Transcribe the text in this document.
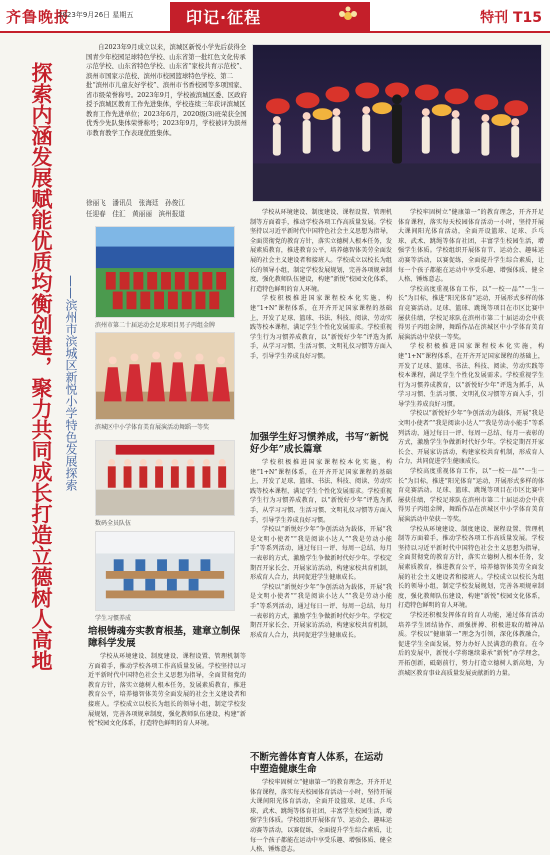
齐鲁晚报
2023年9月26日 星期五	印记·征程	特刊 T15
探索内涵发展赋能优质均衡创建，聚力共同成长打造立德树人高地 ——滨州市滨城区新悦小学特色发展探索
自2023年9月成立以来，滨城区新悦小学先后获得全国青少年校园足球特色学校、山东省第一批红色文化传承示范学校、山东省特色学校、山东省“家校共育示范校”、滨州市国家示范校、滨州市校园篮球特色学校、第二批“滨州市儿童友好学校”、滨州市书香校园等多项国家、省市级荣誉称号。2023年9月，学校被滨城区委、区政府授予滨城区教育工作先进集体，学校连续三年获评滨城区教育工作先进单位；2023年6月，2020级(3)班荣获全国优秀少先队集体荣誉称号；2023年9月，学校被评为滨州市教育教学工作表现优胜集体。
徐丽飞　潘讯员　张海廷　孙俊江
任迎春　佳汇　黄丽丽　滨州报道
滨州市第二十届运动会足球项目男子丙组金牌
滨城区中小学体育美育展演活动舞蹈一等奖
数码全员队伍
学生习惯养成
培根铸魂夯实教育根基，建章立制保障科学发展

学校从环境建设、制度建设、课程设置、管理机制等方面着手，推动学校各项工作高质量发展。学校坚持以习近平新时代中国特色社会主义思想为指导，全面贯彻党的教育方针，落实立德树人根本任务，发展素质教育，推进教育公平，培养德智体美劳全面发展的社会主义建设者和接班人。学校成立以校长为组长的领导小组，制定学校发展规划，完善各项规章制度，强化教师队伍建设，构建“新悦”校园文化体系，打造特色鲜明的育人环境。

学校从环境建设、制度建设、课程设置、管理机制等方面着手，推动学校各项工作高质量发展。学校坚持以习近平新时代中国特色社会主义思想为指导，全面贯彻党的教育方针，落实立德树人根本任务，发展素质教育，推进教育公平，培养德智体美劳全面发展的社会主义建设者和接班人。学校成立以校长为组长的领导小组，制定学校发展规划，完善各项规章制度，强化教师队伍建设，构建“新悦”校园文化体系，打造特色鲜明的育人环境。

学校积极推进国家课程校本化实施，构建“1+N”课程体系，在开齐开足国家课程的基础上，开发了足球、篮球、书法、科技、阅读、劳动实践等校本课程，满足学生个性化发展需求。学校重视学生行为习惯养成教育，以“新悦好少年”评选为抓手，从学习习惯、生活习惯、文明礼仪习惯等方面入手，引导学生养成良好习惯。

加强学生好习惯养成，书写“新悦好少年”成长篇章

学校积极推进国家课程校本化实施，构建“1+N”课程体系，在开齐开足国家课程的基础上，开发了足球、篮球、书法、科技、阅读、劳动实践等校本课程，满足学生个性化发展需求。学校重视学生行为习惯养成教育，以“新悦好少年”评选为抓手，从学习习惯、生活习惯、文明礼仪习惯等方面入手，引导学生养成良好习惯。

学校以“新悦好少年”争创活动为载体，开展“我是文明小使者”“我是阅读小达人”“我是劳动小能手”等系列活动，通过每日一评、每周一总结、每月一表彰的方式，激励学生争做新时代好少年。学校定期召开家长会、开展家访活动，构建家校共育机制，形成育人合力，共同促进学生健康成长。

学校以“新悦好少年”争创活动为载体，开展“我是文明小使者”“我是阅读小达人”“我是劳动小能手”等系列活动，通过每日一评、每周一总结、每月一表彰的方式，激励学生争做新时代好少年。学校定期召开家长会、开展家访活动，构建家校共育机制，形成育人合力，共同促进学生健康成长。

不断完善体育育人体系，在运动中塑造健康生命

学校牢固树立“健康第一”的教育理念，开齐开足体育课程，落实每天校园体育活动一小时，坚持开展大课间阳光体育活动，全面开设篮球、足球、乒乓球、武术、跳绳等体育社团，丰富学生校园生活，增强学生体质。学校组织开展体育节、运动会、趣味运动赛等活动，以赛促练，全面提升学生综合素质，让每一个孩子都能在运动中享受乐趣、增强体质、健全人格、锤炼意志。

学校牢固树立“健康第一”的教育理念，开齐开足体育课程，落实每天校园体育活动一小时，坚持开展大课间阳光体育活动，全面开设篮球、足球、乒乓球、武术、跳绳等体育社团，丰富学生校园生活，增强学生体质。学校组织开展体育节、运动会、趣味运动赛等活动，以赛促练，全面提升学生综合素质，让每一个孩子都能在运动中享受乐趣、增强体质、健全人格、锤炼意志。

学校高度重视体育工作，以“一校一品”“一生一长”为目标，推进“阳光体育”运动，开展形式多样的体育竞赛活动。足球、篮球、跳绳等项目在市区比赛中屡获佳绩，学校足球队在滨州市第二十届运动会中获得男子丙组金牌，舞蹈作品在滨城区中小学体育美育展演活动中荣获一等奖。

学校积极推进国家课程校本化实施，构建“1+N”课程体系，在开齐开足国家课程的基础上，开发了足球、篮球、书法、科技、阅读、劳动实践等校本课程，满足学生个性化发展需求。学校重视学生行为习惯养成教育，以“新悦好少年”评选为抓手，从学习习惯、生活习惯、文明礼仪习惯等方面入手，引导学生养成良好习惯。

学校以“新悦好少年”争创活动为载体，开展“我是文明小使者”“我是阅读小达人”“我是劳动小能手”等系列活动，通过每日一评、每周一总结、每月一表彰的方式，激励学生争做新时代好少年。学校定期召开家长会、开展家访活动，构建家校共育机制，形成育人合力，共同促进学生健康成长。

学校高度重视体育工作，以“一校一品”“一生一长”为目标，推进“阳光体育”运动，开展形式多样的体育竞赛活动。足球、篮球、跳绳等项目在市区比赛中屡获佳绩，学校足球队在滨州市第二十届运动会中获得男子丙组金牌，舞蹈作品在滨城区中小学体育美育展演活动中荣获一等奖。

学校从环境建设、制度建设、课程设置、管理机制等方面着手，推动学校各项工作高质量发展。学校坚持以习近平新时代中国特色社会主义思想为指导，全面贯彻党的教育方针，落实立德树人根本任务，发展素质教育，推进教育公平，培养德智体美劳全面发展的社会主义建设者和接班人。学校成立以校长为组长的领导小组，制定学校发展规划，完善各项规章制度，强化教师队伍建设，构建“新悦”校园文化体系，打造特色鲜明的育人环境。

学校还积极发挥体育的育人功能，通过体育活动培养学生团结协作、顽强拼搏、积极进取的精神品质。学校以“健康第一”理念为引领，深化体教融合，促进学生全面发展，努力办好人民满意的教育。在今后的发展中，新悦小学将继续秉承“新悦”办学理念，开拓创新，砥砺前行，努力打造立德树人新高地，为滨城区教育事业高质量发展贡献新的力量。
